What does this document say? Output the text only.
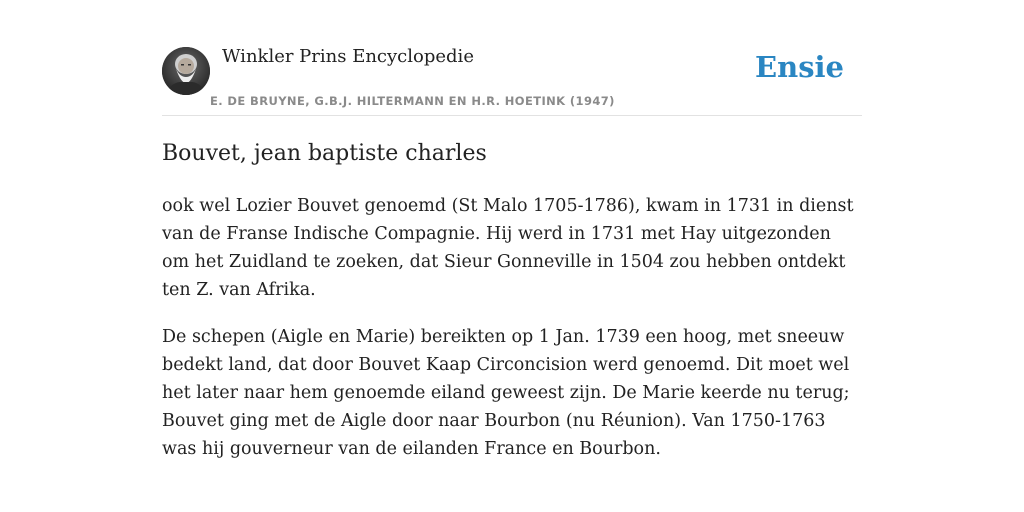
Winkler Prins Encyclopedie
E. DE BRUYNE, G.B.J. HILTERMANN EN H.R. HOETINK (1947)
Ensie
Bouvet, jean baptiste charles

ook wel Lozier Bouvet genoemd (St Malo 1705-1786), kwam in 1731 in dienst van de Franse Indische Compagnie. Hij werd in 1731 met Hay uitgezonden om het Zuidland te zoeken, dat Sieur Gonneville in 1504 zou hebben ontdekt ten Z. van Afrika.

De schepen (Aigle en Marie) bereikten op 1 Jan. 1739 een hoog, met sneeuw bedekt land, dat door Bouvet Kaap Circoncision werd genoemd. Dit moet wel het later naar hem genoemde eiland geweest zijn. De Marie keerde nu terug; Bouvet ging met de Aigle door naar Bourbon (nu Réunion). Van 1750-1763 was hij gouverneur van de eilanden France en Bourbon.
